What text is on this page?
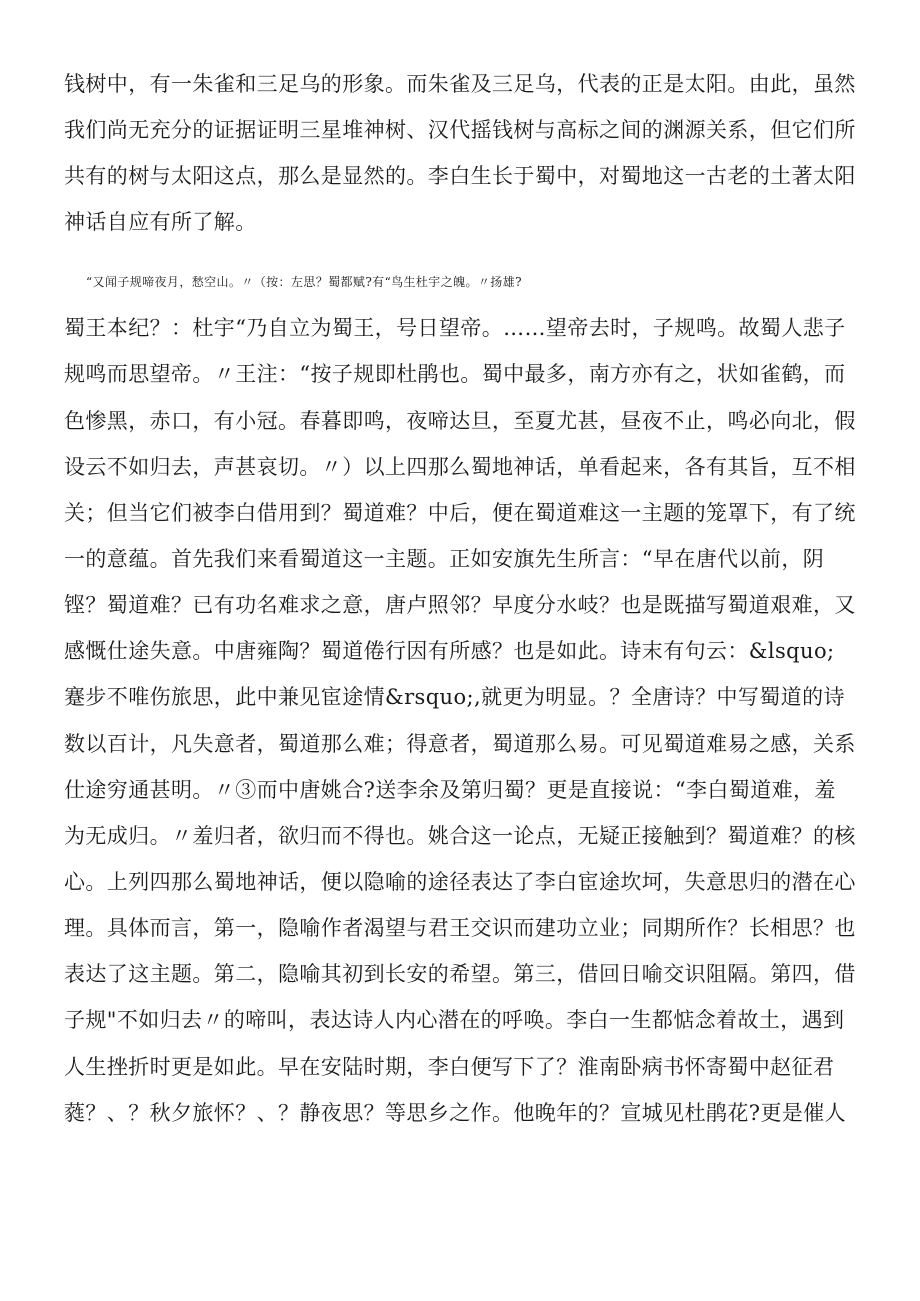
钱树中，有一朱雀和三足乌的形象。而朱雀及三足乌，代表的正是太阳。由此，虽然
我们尚无充分的证据证明三星堆神树、汉代摇钱树与高标之间的渊源关系，但它们所
共有的树与太阳这点，那么是显然的。李白生长于蜀中，对蜀地这一古老的土著太阳
神话自应有所了解。
“又闻子规啼夜月，愁空山。〃（按：左思？蜀都赋?有“鸟生杜宇之魄。〃扬雄?
蜀王本纪？：杜宇“乃自立为蜀王，号日望帝。……望帝去时，子规鸣。故蜀人悲子
规鸣而思望帝。〃王注：“按子规即杜鹃也。蜀中最多，南方亦有之，状如雀鹤，而
色惨黑，赤口，有小冠。春暮即鸣，夜啼达旦，至夏尤甚，昼夜不止，鸣必向北，假
设云不如归去，声甚哀切。〃）以上四那么蜀地神话，单看起来，各有其旨，互不相
关；但当它们被李白借用到？蜀道难？中后，便在蜀道难这一主题的笼罩下，有了统
一的意蕴。首先我们来看蜀道这一主题。正如安旗先生所言：“早在唐代以前，阴
铿？蜀道难？已有功名难求之意，唐卢照邻？早度分水岐？也是既描写蜀道艰难，又
感慨仕途失意。中唐雍陶？蜀道倦行因有所感？也是如此。诗末有句云：&lsquo;
蹇步不唯伤旅思，此中兼见宦途情&rsquo;,就更为明显。？全唐诗？中写蜀道的诗
数以百计，凡失意者，蜀道那么难；得意者，蜀道那么易。可见蜀道难易之感，关系
仕途穷通甚明。〃③而中唐姚合?送李余及第归蜀？更是直接说：“李白蜀道难，羞
为无成归。〃羞归者，欲归而不得也。姚合这一论点，无疑正接触到？蜀道难？的核
心。上列四那么蜀地神话，便以隐喻的途径表达了李白宦途坎坷，失意思归的潜在心
理。具体而言，第一，隐喻作者渴望与君王交识而建功立业；同期所作？长相思？也
表达了这主题。第二，隐喻其初到长安的希望。第三，借回日喻交识阻隔。第四，借
子规"不如归去〃的啼叫，表达诗人内心潜在的呼唤。李白一生都惦念着故土，遇到
人生挫折时更是如此。早在安陆时期，李白便写下了？淮南卧病书怀寄蜀中赵征君
蕤？、？秋夕旅怀？、？静夜思？等思乡之作。他晚年的？宣城见杜鹃花?更是催人
